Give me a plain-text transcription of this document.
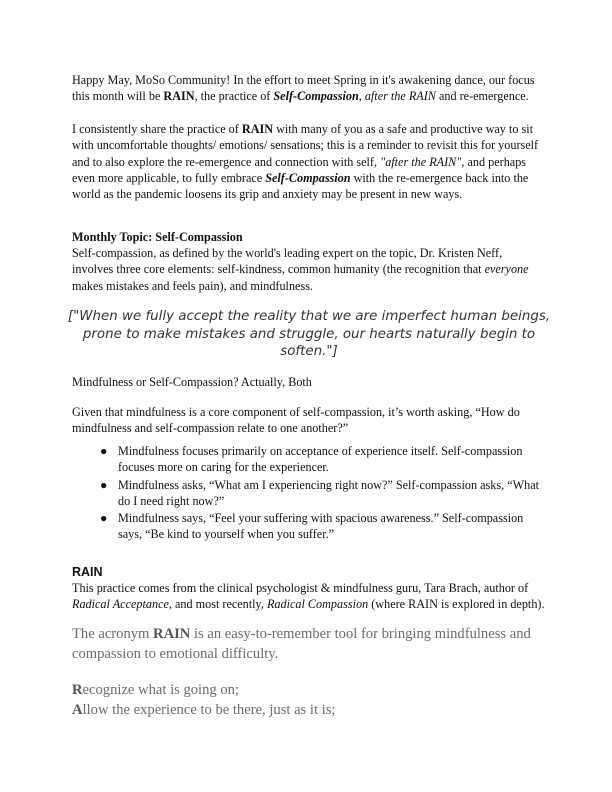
Happy May, MoSo Community! In the effort to meet Spring in it's awakening dance, our focus this month will be RAIN, the practice of Self-Compassion, after the RAIN and re-emergence.

I consistently share the practice of RAIN with many of you as a safe and productive way to sit with uncomfortable thoughts/ emotions/ sensations; this is a reminder to revisit this for yourself and to also explore the re-emergence and connection with self, "after the RAIN", and perhaps even more applicable, to fully embrace Self-Compassion with the re-emergence back into the world as the pandemic loosens its grip and anxiety may be present in new ways.

Monthly Topic: Self-Compassion

Self-compassion, as defined by the world's leading expert on the topic, Dr. Kristen Neff, involves three core elements: self-kindness, common humanity (the recognition that everyone makes mistakes and feels pain), and mindfulness.

["When we fully accept the reality that we are imperfect human beings, prone to make mistakes and struggle, our hearts naturally begin to soften."]

Mindfulness or Self-Compassion? Actually, Both

Given that mindfulness is a core component of self-compassion, it’s worth asking, “How do mindfulness and self-compassion relate to one another?”

● Mindfulness focuses primarily on acceptance of experience itself. Self-compassion focuses more on caring for the experiencer.
● Mindfulness asks, “What am I experiencing right now?” Self-compassion asks, “What do I need right now?”
● Mindfulness says, “Feel your suffering with spacious awareness.” Self-compassion says, “Be kind to yourself when you suffer.”

RAIN

This practice comes from the clinical psychologist & mindfulness guru, Tara Brach, author of Radical Acceptance, and most recently, Radical Compassion (where RAIN is explored in depth).

The acronym RAIN is an easy-to-remember tool for bringing mindfulness and compassion to emotional difficulty.

Recognize what is going on;

Allow the experience to be there, just as it is;
